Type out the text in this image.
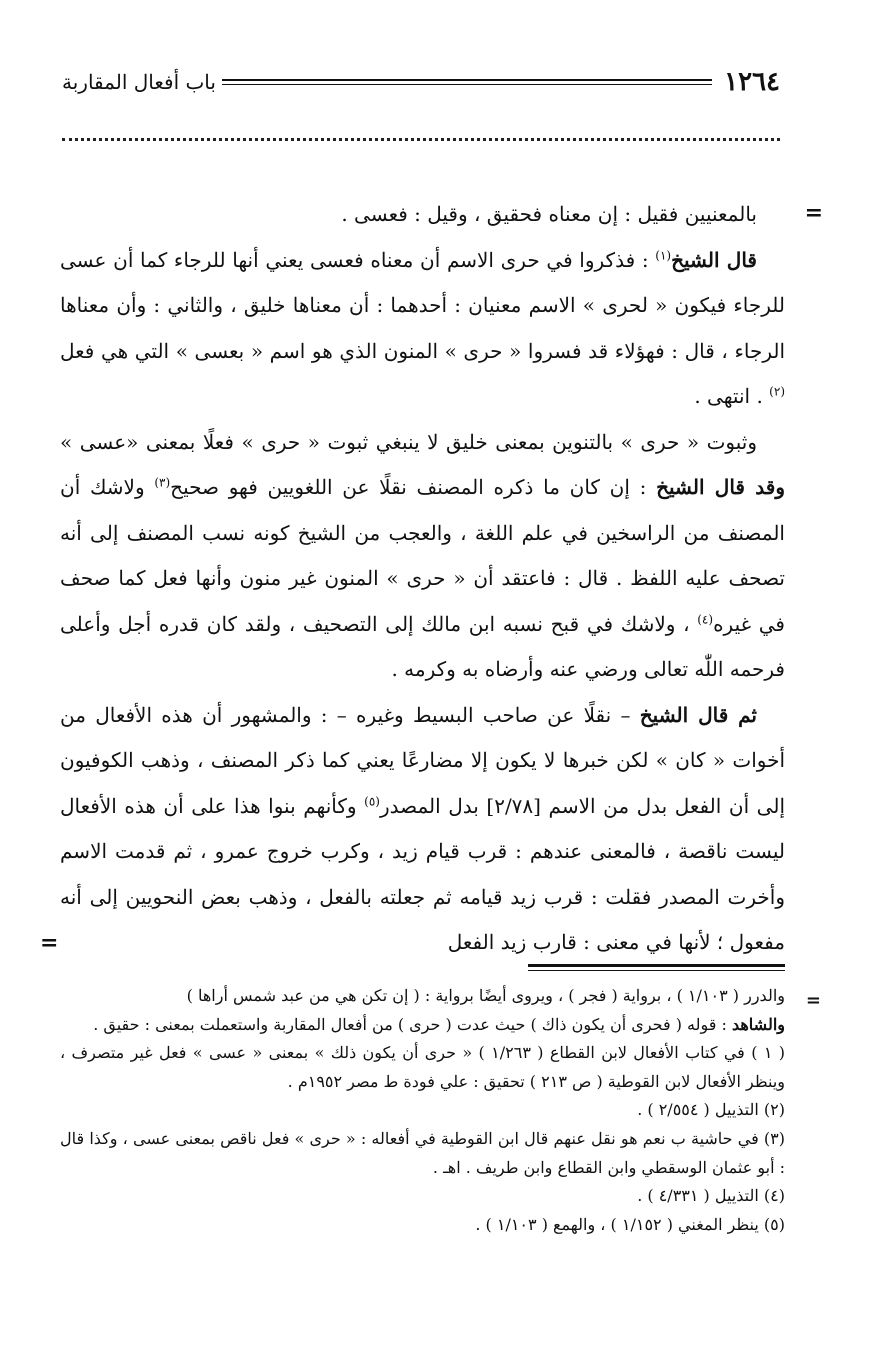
١٢٦٤
باب أفعال المقاربة
=

بالمعنيين فقيل : إن معناه فحقيق ، وقيل : فعسى .

قال الشيخ$^{(١)}$ : فذكروا في حرى الاسم أن معناه فعسى يعني أنها للرجاء كما أن عسى للرجاء فيكون « لحرى » الاسم معنيان : أحدهما : أن معناها خليق ، والثاني : وأن معناها الرجاء ، قال : فهؤلاء قد فسروا « حرى » المنون الذي هو اسم « بعسى » التي هي فعل $^{(٢)}$ . انتهى .

وثبوت « حرى » بالتنوين بمعنى خليق لا ينبغي ثبوت « حرى » فعلًا بمعنى «عسى » وقد قال الشيخ : إن كان ما ذكره المصنف نقلًا عن اللغويين فهو صحيح$^{(٣)}$ ولاشك أن المصنف من الراسخين في علم اللغة ، والعجب من الشيخ كونه نسب المصنف إلى أنه تصحف عليه اللفظ . قال : فاعتقد أن « حرى » المنون غير منون وأنها فعل كما صحف في غيره$^{(٤)}$ ، ولاشك في قبح نسبه ابن مالك إلى التصحيف ، ولقد كان قدره أجل وأعلى فرحمه اللّٰه تعالى ورضي عنه وأرضاه به وكرمه .

ثم قال الشيخ – نقلًا عن صاحب البسيط وغيره – : والمشهور أن هذه الأفعال من أخوات « كان » لكن خبرها لا يكون إلا مضارعًا يعني كما ذكر المصنف ، وذهب الكوفيون إلى أن الفعل بدل من الاسم [٢/٧٨] بدل المصدر$^{(٥)}$ وكأنهم بنوا هذا على أن هذه الأفعال ليست ناقصة ، فالمعنى عندهم : قرب قيام زيد ، وكرب خروج عمرو ، ثم قدمت الاسم وأخرت المصدر فقلت : قرب زيد قيامه ثم جعلته بالفعل ، وذهب بعض النحويين إلى أنه مفعول ؛ لأنها في معنى : قارب زيد الفعل

=
=

والدرر ( ١/١٠٣ ) ، برواية ( فجر ) ، ويروى أيضًا برواية : ( إن تكن هي من عبد شمس أراها )

والشاهد : قوله ( فحرى أن يكون ذاك ) حيث عدت ( حرى ) من أفعال المقاربة واستعملت بمعنى : حقيق .

( ١ ) في كتاب الأفعال لابن القطاع ( ١/٢٦٣ ) « حرى أن يكون ذلك » بمعنى « عسى » فعل غير متصرف ، وينظر الأفعال لابن القوطية ( ص ٢١٣ ) تحقيق : علي فودة ط مصر ١٩٥٢م .

(٢) التذييل ( ٢/٥٥٤ ) .

(٣) في حاشية ب نعم هو نقل عنهم قال ابن القوطية في أفعاله : « حرى » فعل ناقص بمعنى عسى ، وكذا قال : أبو عثمان الوسقطي وابن القطاع وابن طريف . اهـ .

(٤) التذييل ( ٤/٣٣١ ) .

(٥) ينظر المغني ( ١/١٥٢ ) ، والهمع ( ١/١٠٣ ) .
